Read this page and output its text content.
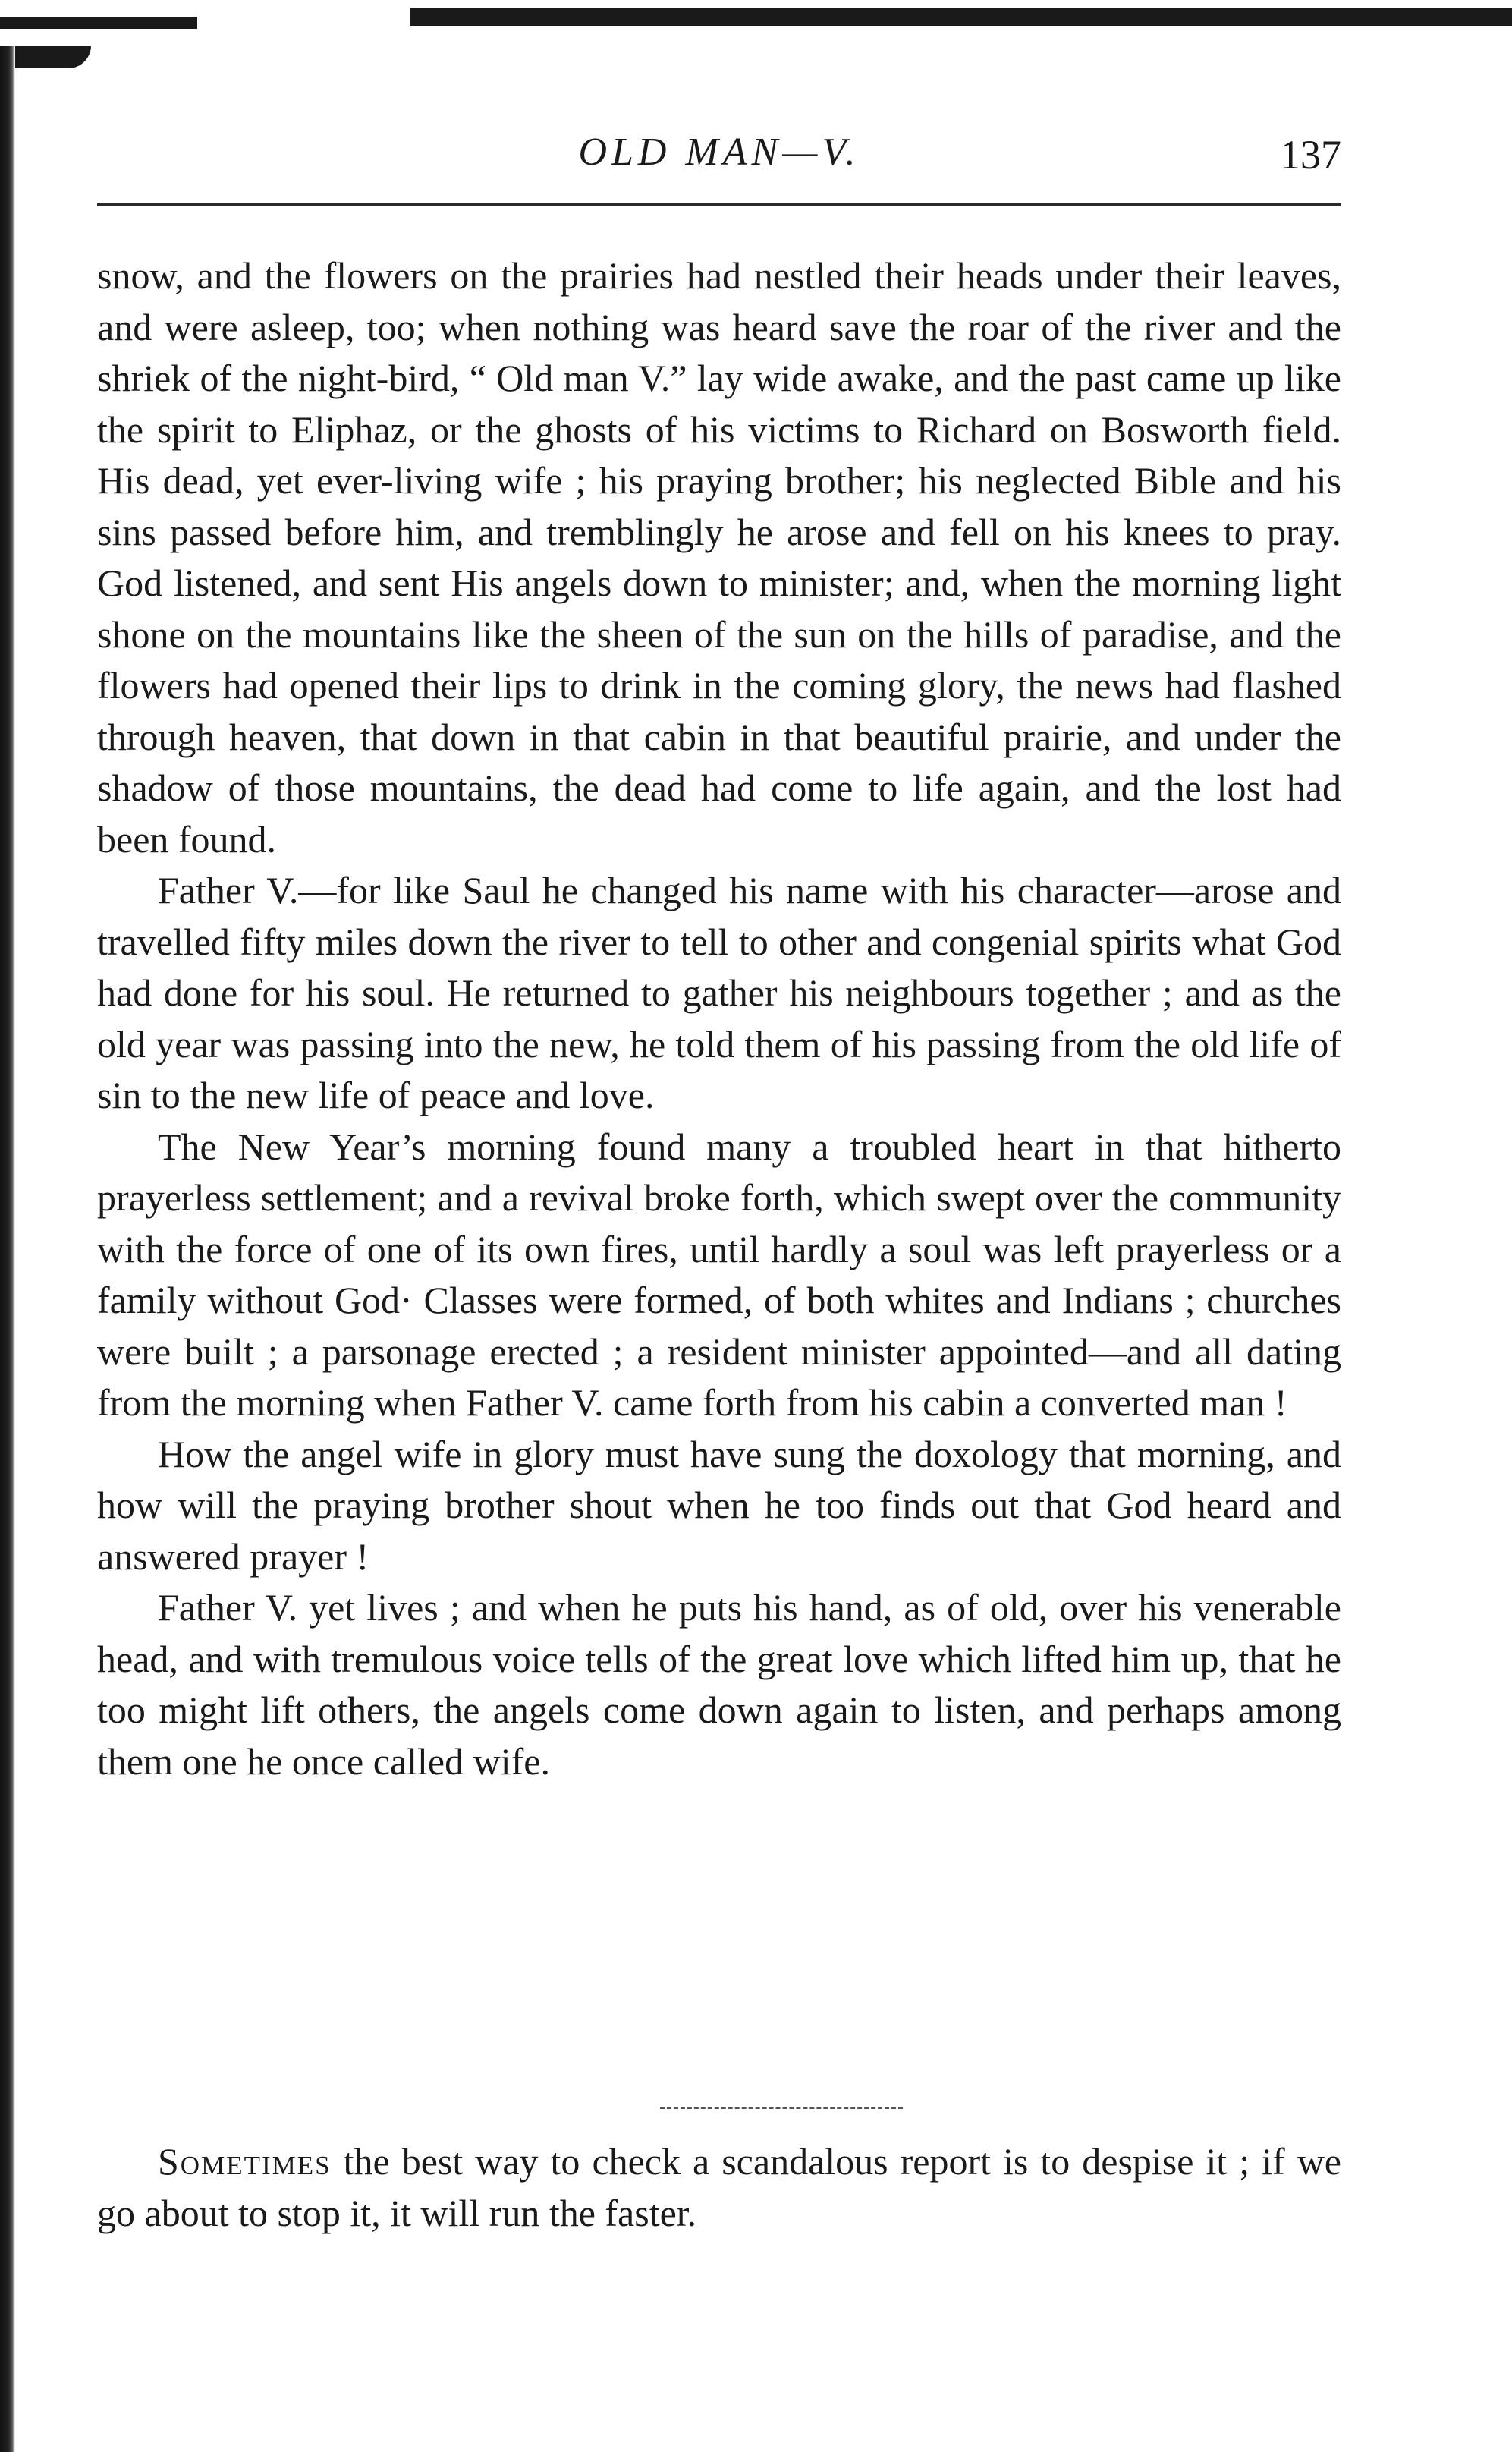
OLD MAN—V.	137

snow, and the flowers on the prairies had nestled their heads under their leaves, and were asleep, too; when nothing was heard save the roar of the river and the shriek of the night-bird, “ Old man V.” lay wide awake, and the past came up like the spirit to Eliphaz, or the ghosts of his victims to Richard on Bosworth field. His dead, yet ever-living wife ; his praying brother; his neglected Bible and his sins passed before him, and tremblingly he arose and fell on his knees to pray. God listened, and sent His angels down to minister; and, when the morning light shone on the mountains like the sheen of the sun on the hills of paradise, and the flowers had opened their lips to drink in the coming glory, the news had flashed through heaven, that down in that cabin in that beautiful prairie, and under the shadow of those mountains, the dead had come to life again, and the lost had been found.

Father V.—for like Saul he changed his name with his character—arose and travelled fifty miles down the river to tell to other and congenial spirits what God had done for his soul. He returned to gather his neighbours together ; and as the old year was passing into the new, he told them of his passing from the old life of sin to the new life of peace and love.

The New Year’s morning found many a troubled heart in that hitherto prayerless settlement; and a revival broke forth, which swept over the community with the force of one of its own fires, until hardly a soul was left prayerless or a family without God· Classes were formed, of both whites and Indians ; churches were built ; a parsonage erected ; a resident minister appointed—and all dating from the morning when Father V. came forth from his cabin a converted man !

How the angel wife in glory must have sung the doxology that morning, and how will the praying brother shout when he too finds out that God heard and answered prayer !

Father V. yet lives ; and when he puts his hand, as of old, over his venerable head, and with tremulous voice tells of the great love which lifted him up, that he too might lift others, the angels come down again to listen, and perhaps among them one he once called wife.

Sometimes the best way to check a scandalous report is to despise it ; if we go about to stop it, it will run the faster.
